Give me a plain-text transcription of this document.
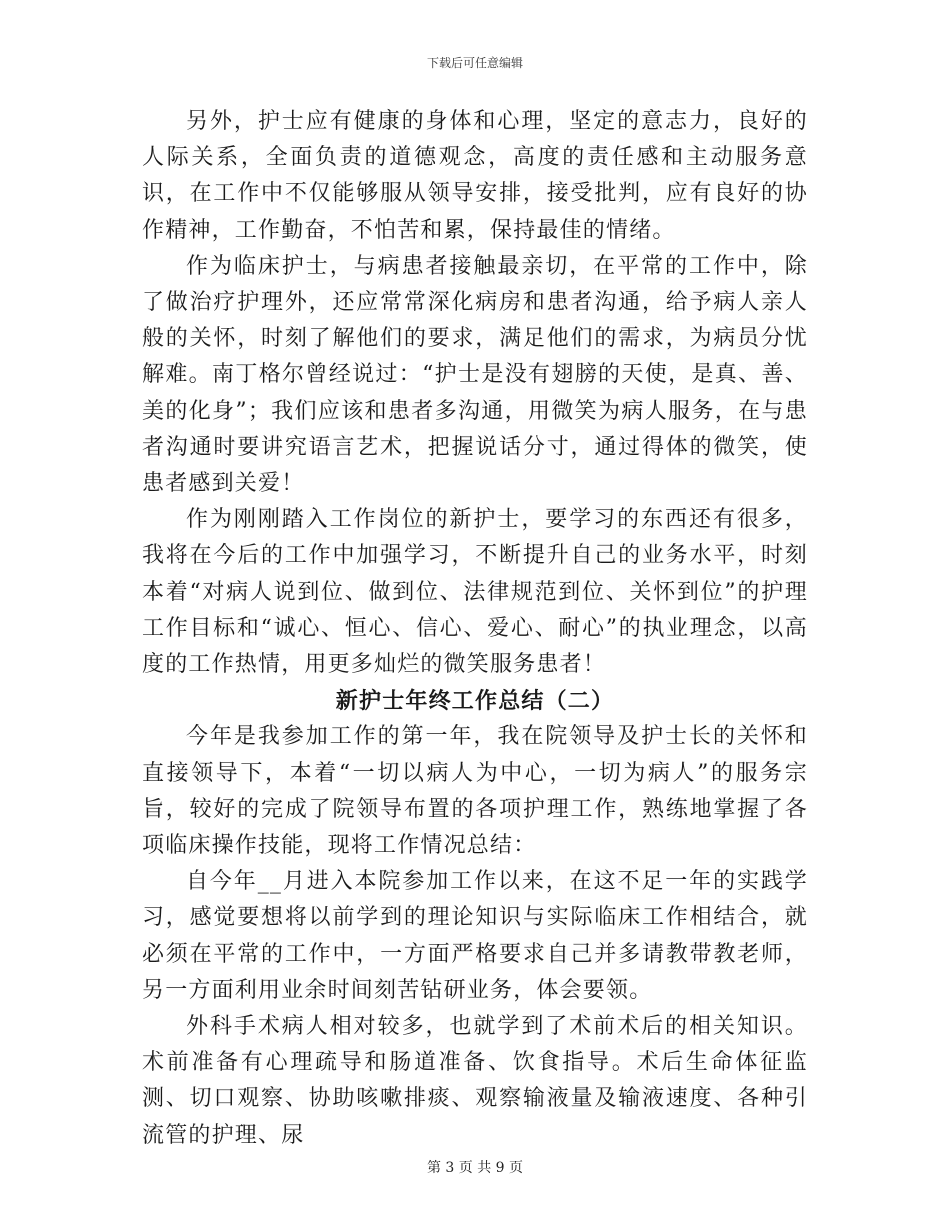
下载后可任意编辑

另外，护士应有健康的身体和心理，坚定的意志力，良好的人际关系，全面负责的道德观念，高度的责任感和主动服务意识，在工作中不仅能够服从领导安排，接受批判，应有良好的协作精神，工作勤奋，不怕苦和累，保持最佳的情绪。

作为临床护士，与病患者接触最亲切，在平常的工作中，除了做治疗护理外，还应常常深化病房和患者沟通，给予病人亲人般的关怀，时刻了解他们的要求，满足他们的需求，为病员分忧解难。南丁格尔曾经说过：“护士是没有翅膀的天使，是真、善、美的化身”；我们应该和患者多沟通，用微笑为病人服务，在与患者沟通时要讲究语言艺术，把握说话分寸，通过得体的微笑，使患者感到关爱！

作为刚刚踏入工作岗位的新护士，要学习的东西还有很多，我将在今后的工作中加强学习，不断提升自己的业务水平，时刻本着“对病人说到位、做到位、法律规范到位、关怀到位”的护理工作目标和“诚心、恒心、信心、爱心、耐心”的执业理念，以高度的工作热情，用更多灿烂的微笑服务患者！

新护士年终工作总结（二）

今年是我参加工作的第一年，我在院领导及护士长的关怀和直接领导下，本着“一切以病人为中心，一切为病人”的服务宗旨，较好的完成了院领导布置的各项护理工作，熟练地掌握了各项临床操作技能，现将工作情况总结：

自今年__月进入本院参加工作以来，在这不足一年的实践学习，感觉要想将以前学到的理论知识与实际临床工作相结合，就必须在平常的工作中，一方面严格要求自己并多请教带教老师，另一方面利用业余时间刻苦钻研业务，体会要领。

外科手术病人相对较多，也就学到了术前术后的相关知识。术前准备有心理疏导和肠道准备、饮食指导。术后生命体征监测、切口观察、协助咳嗽排痰、观察输液量及输液速度、各种引流管的护理、尿

第 3 页 共 9 页
